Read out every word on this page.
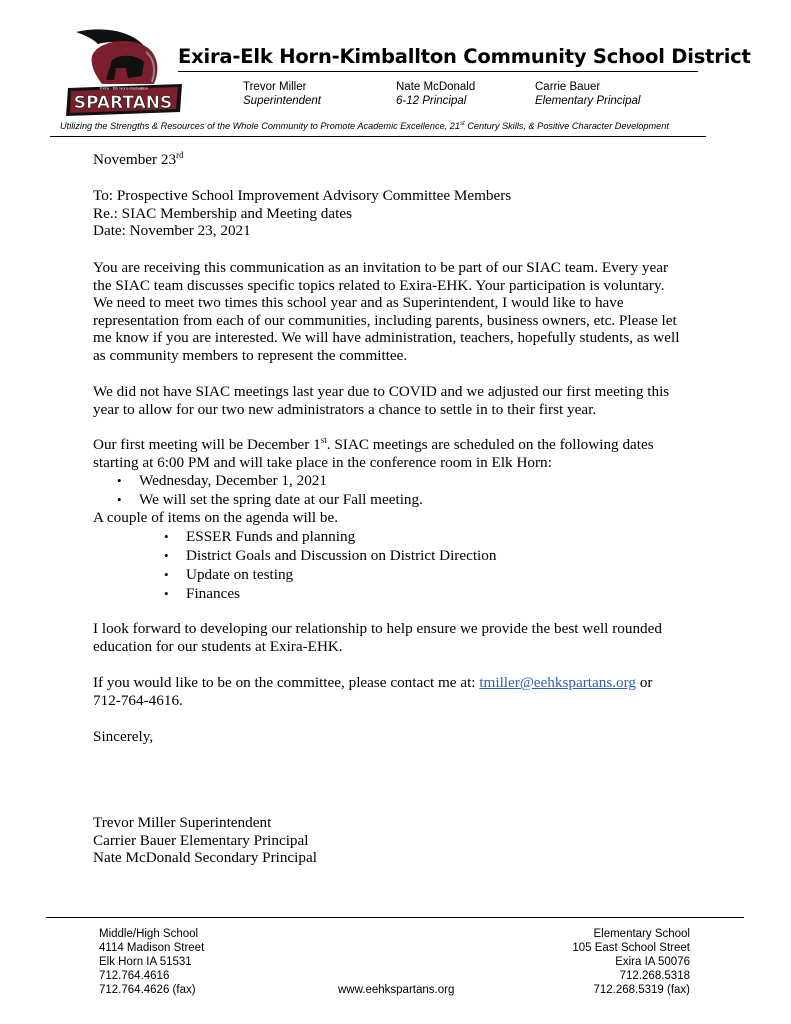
Exira - Elk Horn-Kimballton
SPARTANS
Exira-Elk Horn-Kimballton Community School District
Trevor Miller
Superintendent
Nate McDonald
6-12 Principal
Carrie Bauer
Elementary Principal
Utilizing the Strengths & Resources of the Whole Community to Promote Academic Excellence, 21st Century Skills, & Positive Character Development
November 23rd
To: Prospective School Improvement Advisory Committee Members
Re.: SIAC Membership and Meeting dates
Date: November 23, 2021
You are receiving this communication as an invitation to be part of our SIAC team. Every year
the SIAC team discusses specific topics related to Exira-EHK. Your participation is voluntary.
We need to meet two times this school year and as Superintendent, I would like to have
representation from each of our communities, including parents, business owners, etc. Please let
me know if you are interested. We will have administration, teachers, hopefully students, as well
as community members to represent the committee.
We did not have SIAC meetings last year due to COVID and we adjusted our first meeting this
year to allow for our two new administrators a chance to settle in to their first year.
Our first meeting will be December 1st. SIAC meetings are scheduled on the following dates
starting at 6:00 PM and will take place in the conference room in Elk Horn:
• Wednesday, December 1, 2021
• We will set the spring date at our Fall meeting.
A couple of items on the agenda will be.
• ESSER Funds and planning
• District Goals and Discussion on District Direction
• Update on testing
• Finances
I look forward to developing our relationship to help ensure we provide the best well rounded
education for our students at Exira-EHK.
If you would like to be on the committee, please contact me at: tmiller@eehkspartans.org or
712-764-4616.
Sincerely,
Trevor Miller Superintendent
Carrier Bauer Elementary Principal
Nate McDonald Secondary Principal
Middle/High School
4114 Madison Street
Elk Horn IA 51531
712.764.4616
712.764.4626 (fax)	www.eehkspartans.org
Elementary School
105 East School Street
Exira IA 50076
712.268.5318
712.268.5319 (fax)
